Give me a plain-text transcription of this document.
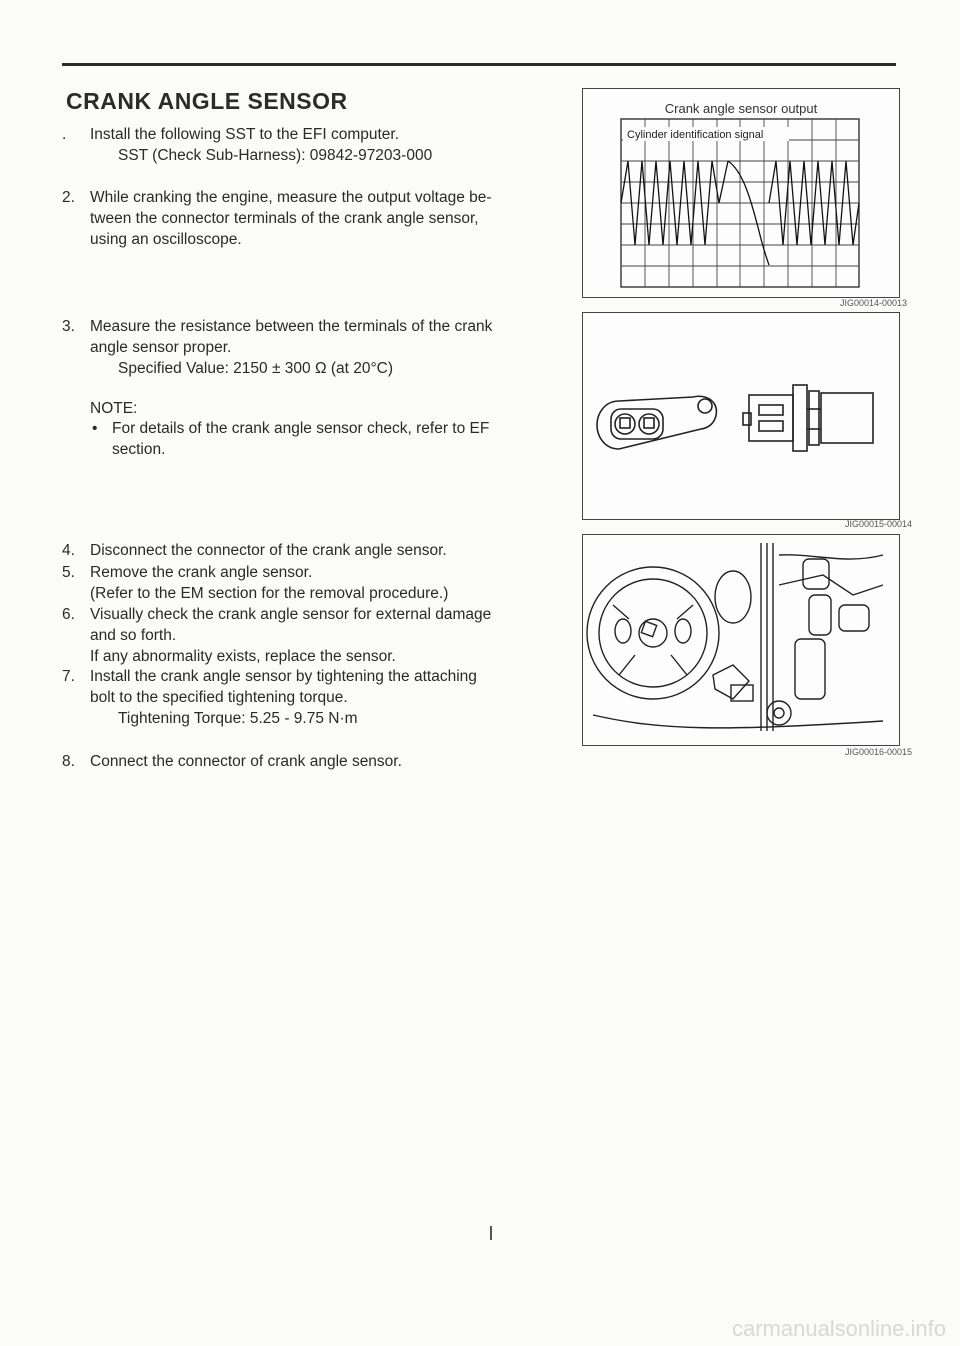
CRANK ANGLE SENSOR
.	Install the following SST to the EFI computer.
SST (Check Sub-Harness): 09842-97203-000
2. While cranking the engine, measure the output voltage be-
tween the connector terminals of the crank angle sensor,
using an oscilloscope.
3. Measure the resistance between the terminals of the crank
angle sensor proper.
Specified Value: 2150 ± 300 Ω (at 20°C)
NOTE:
• For details of the crank angle sensor check, refer to EF
section.
4. Disconnect the connector of the crank angle sensor.
5. Remove the crank angle sensor.
(Refer to the EM section for the removal procedure.)
6. Visually check the crank angle sensor for external damage
and so forth.
If any abnormality exists, replace the sensor.
7. Install the crank angle sensor by tightening the attaching
bolt to the specified tightening torque.
Tightening Torque: 5.25 - 9.75 N·m
8. Connect the connector of crank angle sensor.
Crank angle sensor output
Cylinder identification signal
JIG00014-00013
JIG00015-00014
JIG00016-00015
carmanualsonline.info
